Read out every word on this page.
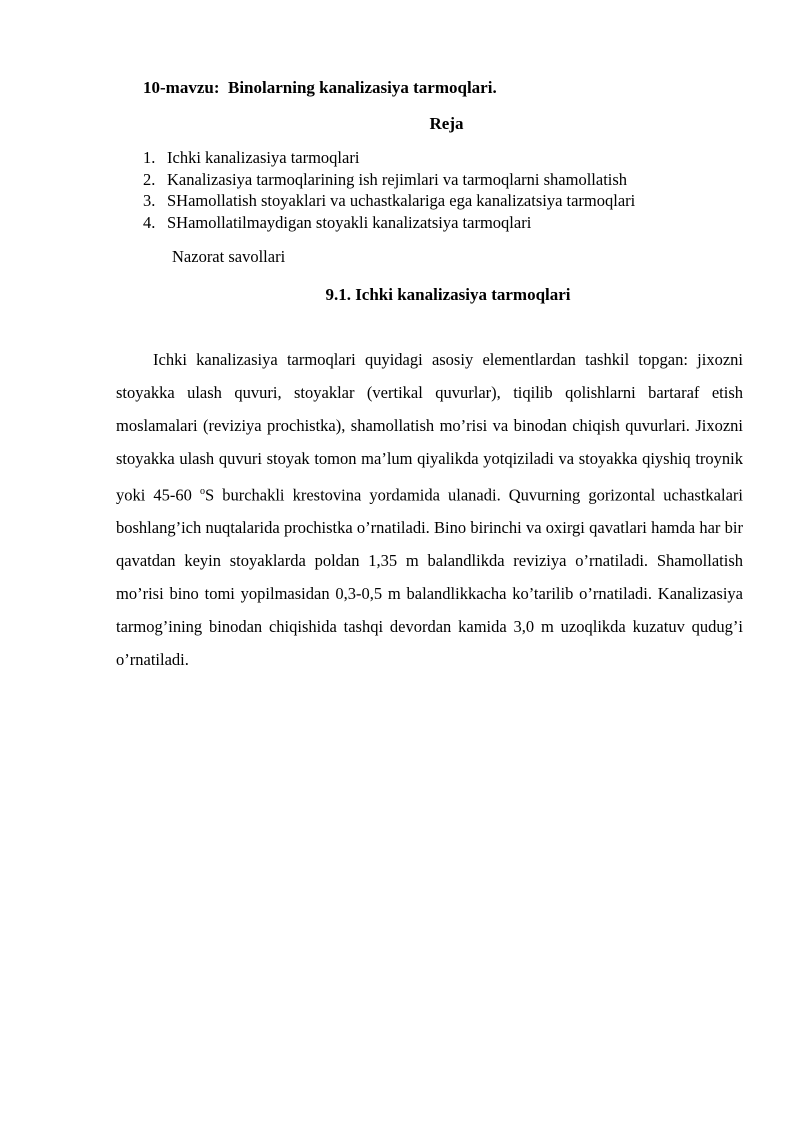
10-mavzu:  Binolarning kanalizasiya tarmoqlari.
Reja
1. Ichki kanalizasiya tarmoqlari
2. Kanalizasiya tarmoqlarining ish rejimlari va tarmoqlarni shamollatish
3. SHamollatish stoyaklari va uchastkalariga ega kanalizatsiya tarmoqlari
4. SHamollatilmaydigan stoyakli kanalizatsiya tarmoqlari
Nazorat savollari
9.1. Ichki kanalizasiya tarmoqlari

Ichki kanalizasiya tarmoqlari quyidagi asosiy elementlardan tashkil topgan: jixozni stoyakka ulash quvuri, stoyaklar (vertikal quvurlar), tiqilib qolishlarni bartaraf etish moslamalari (reviziya prochistka), shamollatish mo’risi va binodan chiqish quvurlari. Jixozni stoyakka ulash quvuri stoyak tomon ma’lum qiyalikda yotqiziladi va stoyakka qiyshiq troynik yoki 45-60 $^o$S burchakli krestovina yordamida ulanadi. Quvurning gorizontal uchastkalari boshlang’ich nuqtalarida prochistka o’rnatiladi. Bino birinchi va oxirgi qavatlari hamda har bir qavatdan keyin stoyaklarda poldan 1,35 m balandlikda reviziya o’rnatiladi. Shamollatish mo’risi bino tomi yopilmasidan 0,3-0,5 m balandlikkacha ko’tarilib o’rnatiladi. Kanalizasiya tarmog’ining binodan chiqishida tashqi devordan kamida 3,0 m uzoqlikda kuzatuv qudug’i o’rnatiladi.
